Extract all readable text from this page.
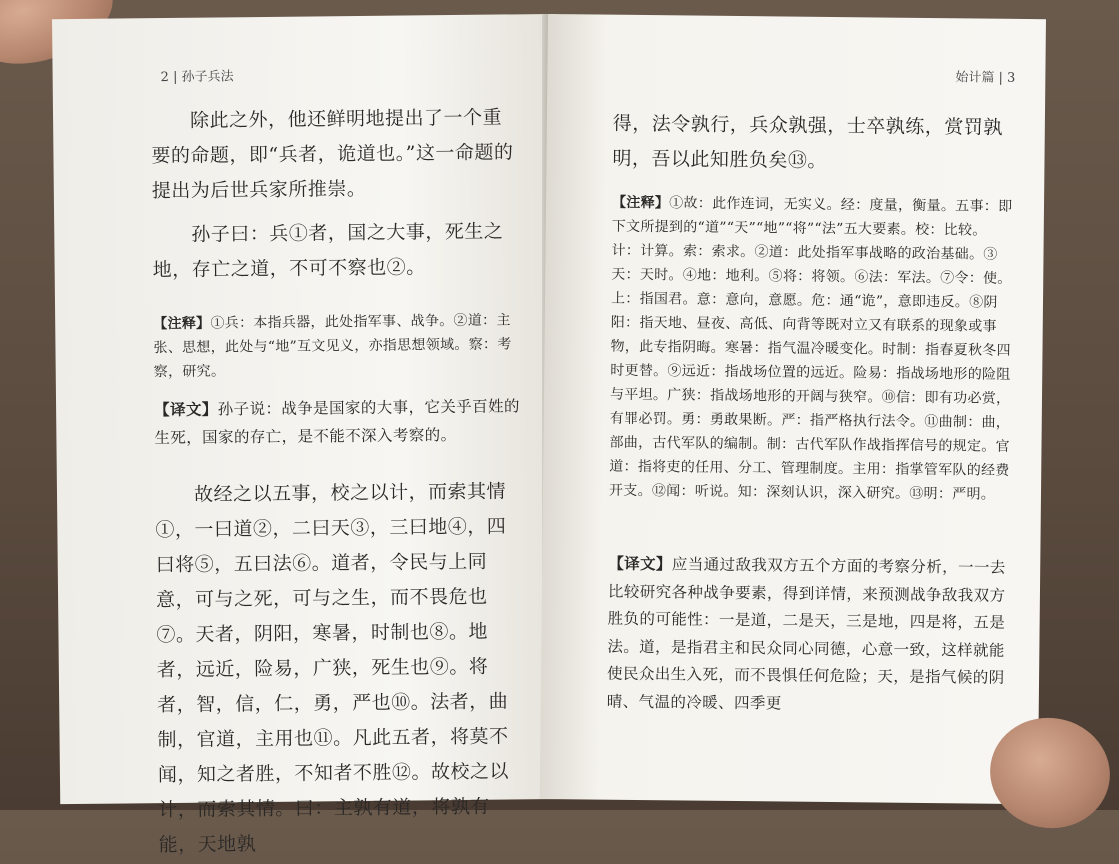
2 | 孙子兵法

　　除此之外，他还鲜明地提出了一个重要的命题，即“兵者，诡道也。”这一命题的提出为后世兵家所推崇。

　　孙子曰：兵①者，国之大事，死生之地，存亡之道，不可不察也②。

【注释】①兵：本指兵器，此处指军事、战争。②道：主张、思想，此处与“地”互文见义，亦指思想领域。察：考察，研究。

【译文】孙子说：战争是国家的大事，它关乎百姓的生死，国家的存亡，是不能不深入考察的。

　　故经之以五事，校之以计，而索其情①，一曰道②，二曰天③，三曰地④，四曰将⑤，五曰法⑥。道者，令民与上同意，可与之死，可与之生，而不畏危也⑦。天者，阴阳，寒暑，时制也⑧。地者，远近，险易，广狭，死生也⑨。将者，智，信，仁，勇，严也⑩。法者，曲制，官道，主用也⑪。凡此五者，将莫不闻，知之者胜，不知者不胜⑫。故校之以计，而索其情。曰：主孰有道，将孰有能，天地孰

始计篇 | 3

得，法令孰行，兵众孰强，士卒孰练，赏罚孰明，吾以此知胜负矣⑬。

【注释】①故：此作连词，无实义。经：度量，衡量。五事：即下文所提到的“道”“天”“地”“将”“法”五大要素。校：比较。计：计算。索：索求。②道：此处指军事战略的政治基础。③天：天时。④地：地利。⑤将：将领。⑥法：军法。⑦令：使。上：指国君。意：意向，意愿。危：通“诡”，意即违反。⑧阴阳：指天地、昼夜、高低、向背等既对立又有联系的现象或事物，此专指阴晦。寒暑：指气温冷暖变化。时制：指春夏秋冬四时更替。⑨远近：指战场位置的远近。险易：指战场地形的险阻与平坦。广狭：指战场地形的开阔与狭窄。⑩信：即有功必赏，有罪必罚。勇：勇敢果断。严：指严格执行法令。⑪曲制：曲，部曲，古代军队的编制。制：古代军队作战指挥信号的规定。官道：指将吏的任用、分工、管理制度。主用：指掌管军队的经费开支。⑫闻：听说。知：深刻认识，深入研究。⑬明：严明。

【译文】应当通过敌我双方五个方面的考察分析，一一去比较研究各种战争要素，得到详情，来预测战争敌我双方胜负的可能性：一是道，二是天，三是地，四是将，五是法。道，是指君主和民众同心同德，心意一致，这样就能使民众出生入死，而不畏惧任何危险；天，是指气候的阴晴、气温的冷暖、四季更
